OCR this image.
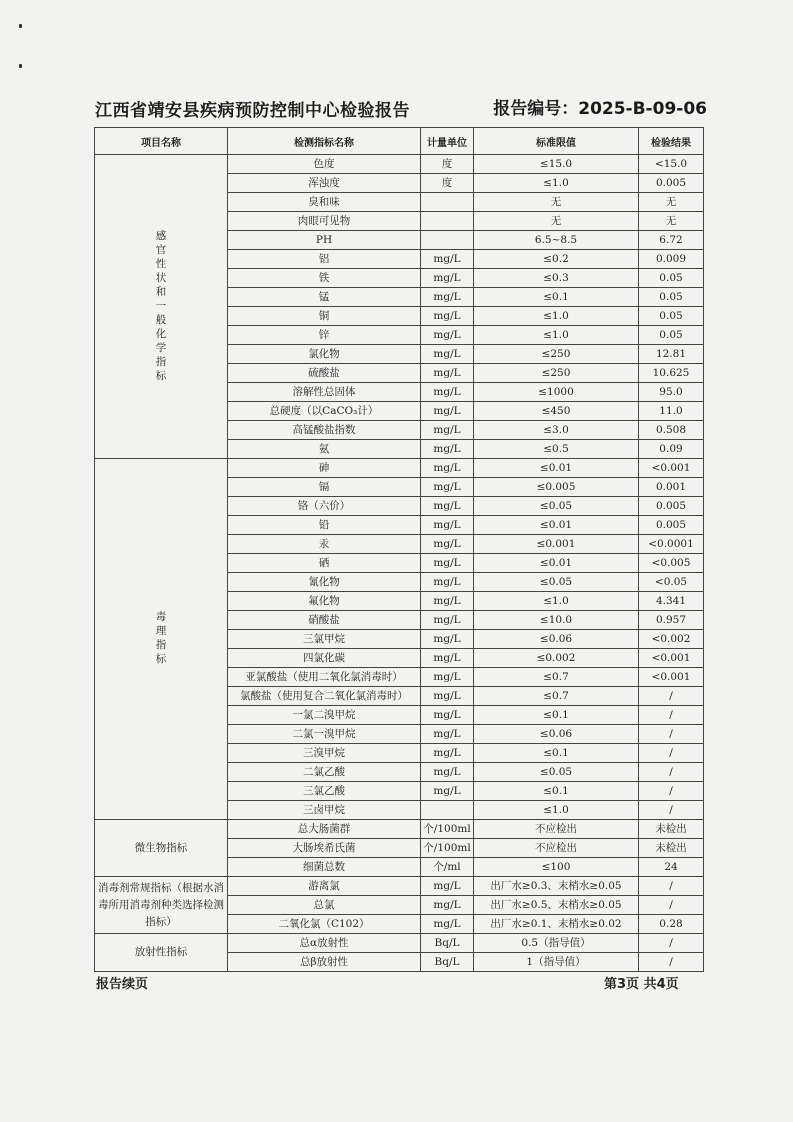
江西省靖安县疾病预防控制中心检验报告	报告编号：2025-B-09-06
项目名称	检测指标名称	计量单位	标准限值	检验结果
感官性状和一般化学指标	色度	度	≤15.0	<15.0
	浑浊度	度	≤1.0	0.005
	臭和味		无	无
	肉眼可见物		无	无
	PH		6.5~8.5	6.72
	铝	mg/L	≤0.2	0.009
	铁	mg/L	≤0.3	0.05
	锰	mg/L	≤0.1	0.05
	铜	mg/L	≤1.0	0.05
	锌	mg/L	≤1.0	0.05
	氯化物	mg/L	≤250	12.81
	硫酸盐	mg/L	≤250	10.625
	溶解性总固体	mg/L	≤1000	95.0
	总硬度（以CaCO₃计）	mg/L	≤450	11.0
	高锰酸盐指数	mg/L	≤3.0	0.508
	氨	mg/L	≤0.5	0.09
毒理指标	砷	mg/L	≤0.01	<0.001
	镉	mg/L	≤0.005	0.001
	铬（六价）	mg/L	≤0.05	0.005
	铅	mg/L	≤0.01	0.005
	汞	mg/L	≤0.001	<0.0001
	硒	mg/L	≤0.01	<0.005
	氰化物	mg/L	≤0.05	<0.05
	氟化物	mg/L	≤1.0	4.341
	硝酸盐	mg/L	≤10.0	0.957
	三氯甲烷	mg/L	≤0.06	<0.002
	四氯化碳	mg/L	≤0.002	<0.001
	亚氯酸盐（使用二氧化氯消毒时）	mg/L	≤0.7	<0.001
	氯酸盐（使用复合二氧化氯消毒时）	mg/L	≤0.7	/
	一氯二溴甲烷	mg/L	≤0.1	/
	二氯一溴甲烷	mg/L	≤0.06	/
	三溴甲烷	mg/L	≤0.1	/
	二氯乙酸	mg/L	≤0.05	/
	三氯乙酸	mg/L	≤0.1	/
	三卤甲烷		≤1.0	/
微生物指标	总大肠菌群	个/100ml	不应检出	未检出
	大肠埃希氏菌	个/100ml	不应检出	未检出
	细菌总数	个/ml	≤100	24
消毒剂常规指标（根据水消毒所用消毒剂种类选择检测指标）	游离氯	mg/L	出厂水≥0.3、末梢水≥0.05	/
	总氯	mg/L	出厂水≥0.5、末梢水≥0.05	/
	二氧化氯（C102）	mg/L	出厂水≥0.1、末梢水≥0.02	0.28
放射性指标	总α放射性	Bq/L	0.5（指导值）	/
	总β放射性	Bq/L	1（指导值）	/
报告续页	第3页 共4页
